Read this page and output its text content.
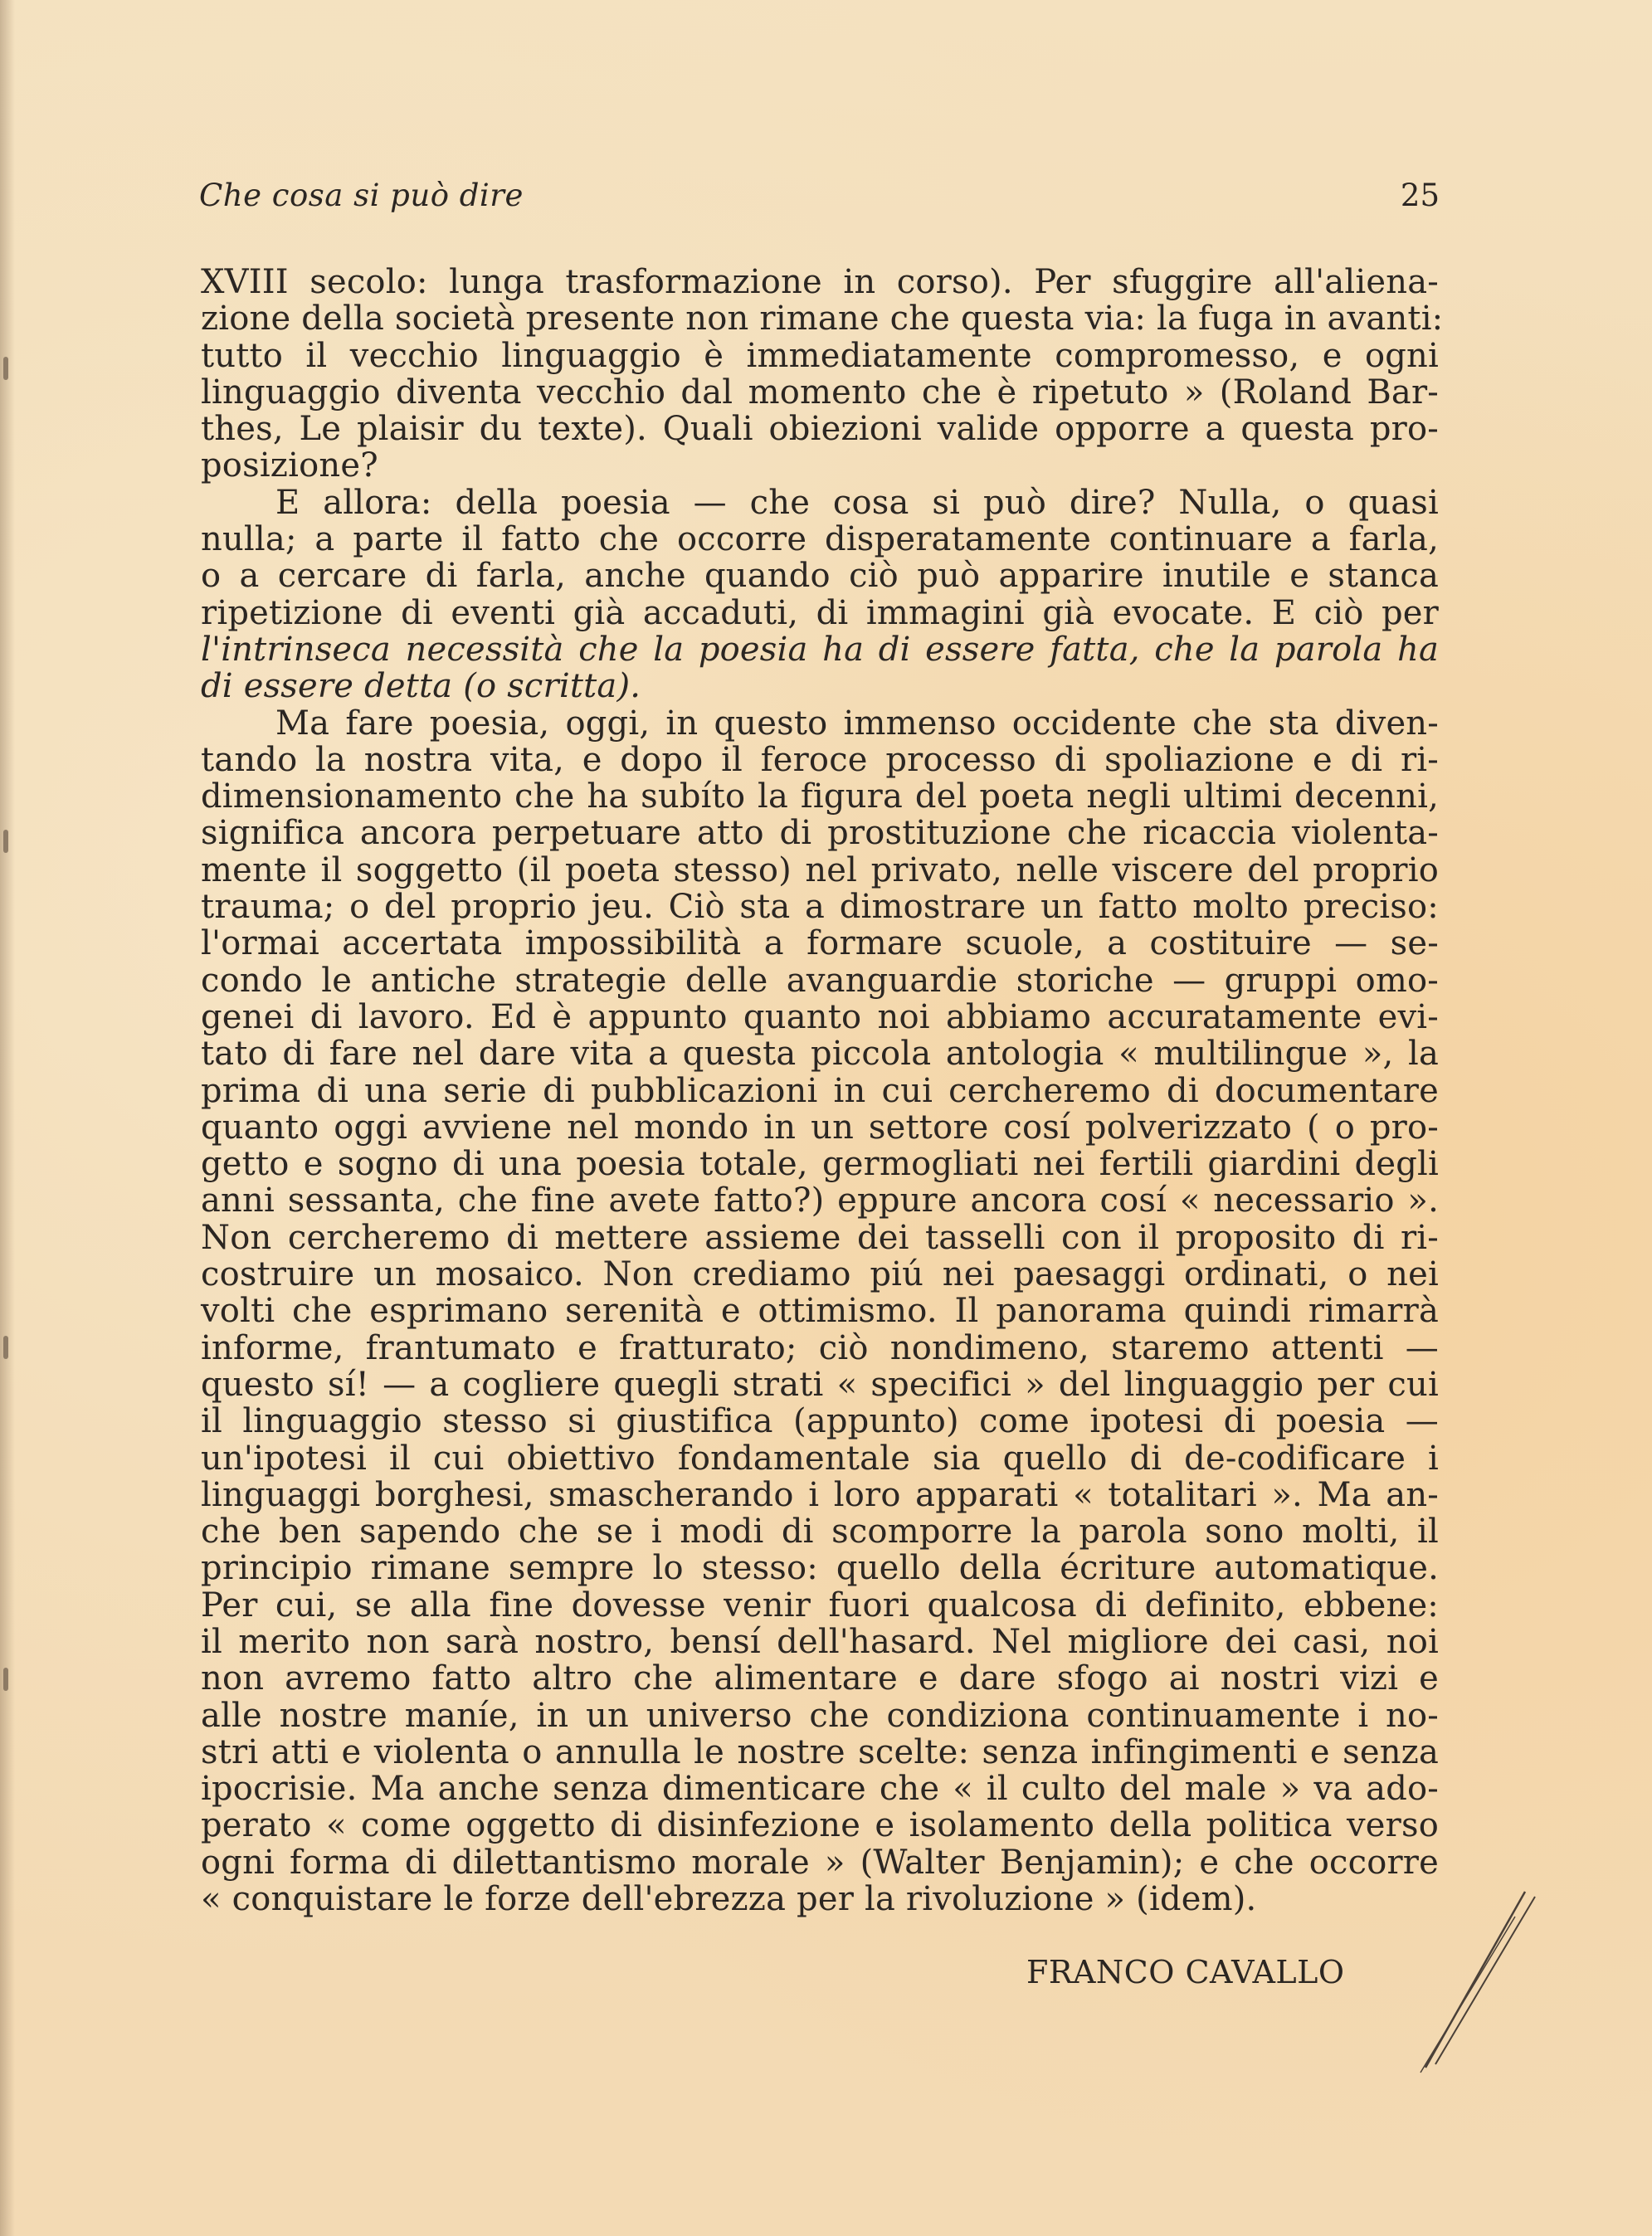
Che cosa si può dire	25
XVIII secolo: lunga trasformazione in corso). Per sfuggire all'aliena-
zione della società presente non rimane che questa via: la fuga in avanti:
tutto il vecchio linguaggio è immediatamente compromesso, e ogni
linguaggio diventa vecchio dal momento che è ripetuto » (Roland Bar-
thes, Le plaisir du texte). Quali obiezioni valide opporre a questa pro-
posizione?
E allora: della poesia — che cosa si può dire? Nulla, o quasi
nulla; a parte il fatto che occorre disperatamente continuare a farla,
o a cercare di farla, anche quando ciò può apparire inutile e stanca
ripetizione di eventi già accaduti, di immagini già evocate. E ciò per
l'intrinseca necessità che la poesia ha di essere fatta, che la parola ha
di essere detta (o scritta).
Ma fare poesia, oggi, in questo immenso occidente che sta diven-
tando la nostra vita, e dopo il feroce processo di spoliazione e di ri-
dimensionamento che ha subíto la figura del poeta negli ultimi decenni,
significa ancora perpetuare atto di prostituzione che ricaccia violenta-
mente il soggetto (il poeta stesso) nel privato, nelle viscere del proprio
trauma; o del proprio jeu. Ciò sta a dimostrare un fatto molto preciso:
l'ormai accertata impossibilità a formare scuole, a costituire — se-
condo le antiche strategie delle avanguardie storiche — gruppi omo-
genei di lavoro. Ed è appunto quanto noi abbiamo accuratamente evi-
tato di fare nel dare vita a questa piccola antologia « multilingue », la
prima di una serie di pubblicazioni in cui cercheremo di documentare
quanto oggi avviene nel mondo in un settore cosí polverizzato ( o pro-
getto e sogno di una poesia totale, germogliati nei fertili giardini degli
anni sessanta, che fine avete fatto?) eppure ancora cosí « necessario ».
Non cercheremo di mettere assieme dei tasselli con il proposito di ri-
costruire un mosaico. Non crediamo piú nei paesaggi ordinati, o nei
volti che esprimano serenità e ottimismo. Il panorama quindi rimarrà
informe, frantumato e fratturato; ciò nondimeno, staremo attenti —
questo sí! — a cogliere quegli strati « specifici » del linguaggio per cui
il linguaggio stesso si giustifica (appunto) come ipotesi di poesia —
un'ipotesi il cui obiettivo fondamentale sia quello di de-codificare i
linguaggi borghesi, smascherando i loro apparati « totalitari ». Ma an-
che ben sapendo che se i modi di scomporre la parola sono molti, il
principio rimane sempre lo stesso: quello della écriture automatique.
Per cui, se alla fine dovesse venir fuori qualcosa di definito, ebbene:
il merito non sarà nostro, bensí dell'hasard. Nel migliore dei casi, noi
non avremo fatto altro che alimentare e dare sfogo ai nostri vizi e
alle nostre maníe, in un universo che condiziona continuamente i no-
stri atti e violenta o annulla le nostre scelte: senza infingimenti e senza
ipocrisie. Ma anche senza dimenticare che « il culto del male » va ado-
perato « come oggetto di disinfezione e isolamento della politica verso
ogni forma di dilettantismo morale » (Walter Benjamin); e che occorre
« conquistare le forze dell'ebrezza per la rivoluzione » (idem).
FRANCO CAVALLO
